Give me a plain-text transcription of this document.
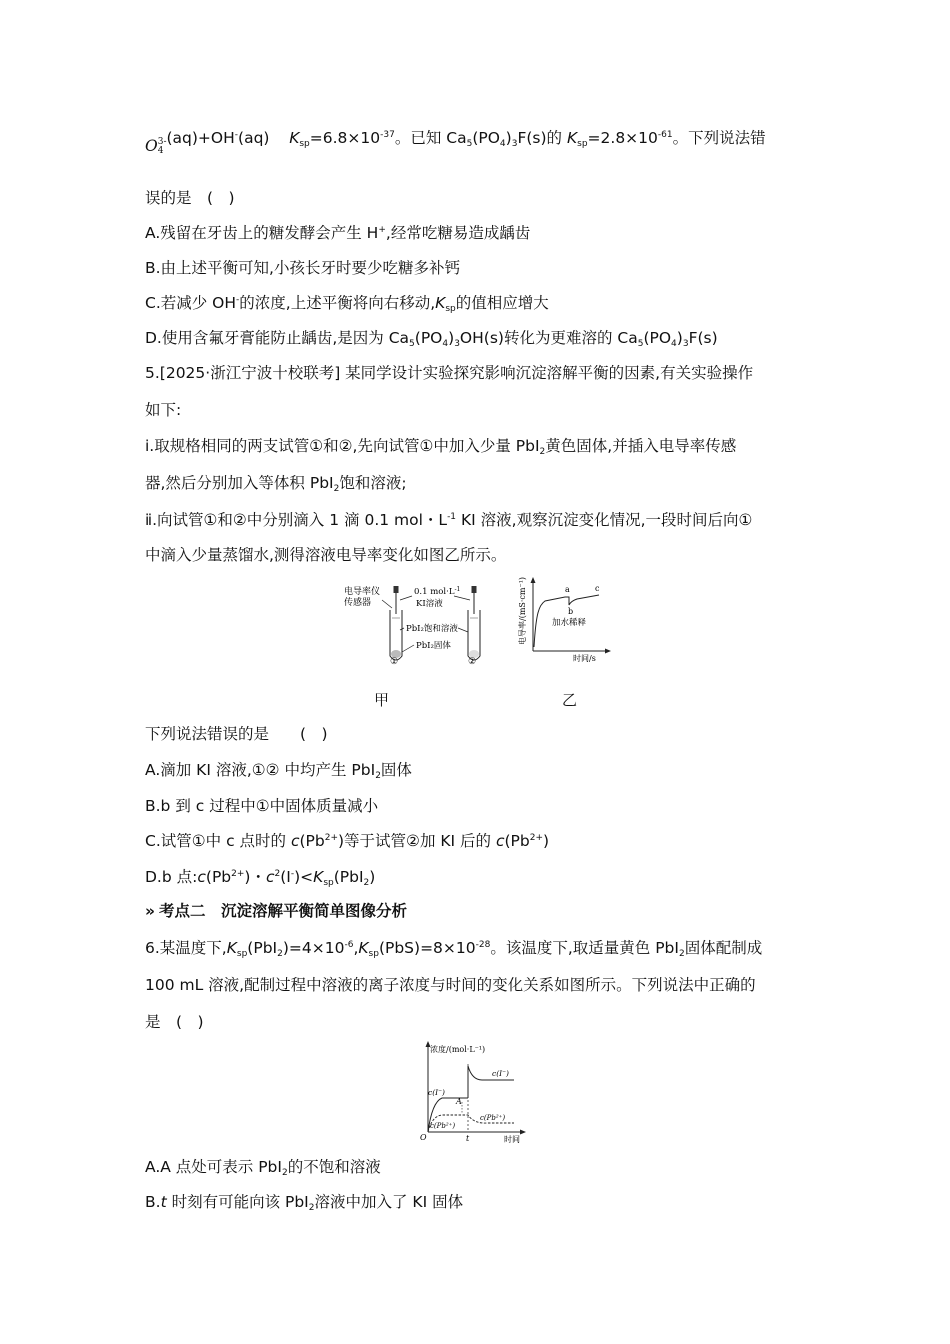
O 3-
4
(aq)+OH-(aq) $K_{sp}=6.8\times 10^{-37}$。已知 $Ca_5(PO_4)_3F(s)$的 $K_{sp}=2.8\times 10^{-61}$。下列说法错
误的是　(　)
A.残留在牙齿上的糖发酵会产生 H+,经常吃糖易造成龋齿
B.由上述平衡可知,小孩长牙时要少吃糖多补钙
C.若减少 OH-的浓度,上述平衡将向右移动$,K_{sp}$的值相应增大
D.使用含氟牙膏能防止龋齿,是因为 $Ca_5(PO_4)_3OH(s)$转化为更难溶的 $Ca_5(PO_4)_3F(s)$
5.[2025·浙江宁波十校联考] 某同学设计实验探究影响沉淀溶解平衡的因素,有关实验操作
如下:
ⅰ.取规格相同的两支试管①和②,先向试管①中加入少量 PbI$_2$黄色固体,并插入电导率传感
器,然后分别加入等体积 PbI$_2$饱和溶液;
ⅱ.向试管①和②中分别滴入 1 滴 0.1 mol・$L^{-1}$ KI 溶液,观察沉淀变化情况,一段时间后向①
中滴入少量蒸馏水,测得溶液电导率变化如图乙所示。
电导率仪
传感器
0.1 $mol\cdot L^{-1}$
KI溶液
PbI₂饱和溶液
PbI₂固体
①	②
电导率/(mS·cm⁻¹)	a
b
c
加水稀释
时间/s
甲	乙
下列说法错误的是　　(　)
A.滴加 KI 溶液,①② 中均产生 PbI$_2$固体
B.b 到 c 过程中①中固体质量减小
C.试管①中 c 点时的 $c(Pb^{2+})$等于试管②加 KI 后的 $c(Pb^{2+})$
D.b 点$:c(Pb^{2+})$・$c^2(I^-)<K_{sp}(PbI_2)$
» 考点二　沉淀溶解平衡简单图像分析
6.某温度下$,K_{sp}(PbI_2)=4\times 10^{-6},K_{sp}(PbS)=8\times 10^{-28}$。该温度下,取适量黄色 PbI$_2$固体配制成
100 mL 溶液,配制过程中溶液的离子浓度与时间的变化关系如图所示。下列说法中正确的
是　(　)
浓度/(mol·L⁻¹)
时间
O	t
c(I⁻)
c(I⁻)
c(Pb²⁺)
c(Pb²⁺)
A
A.A 点处可表示 PbI$_2$的不饱和溶液
B.t 时刻有可能向该 PbI$_2$溶液中加入了 KI 固体
